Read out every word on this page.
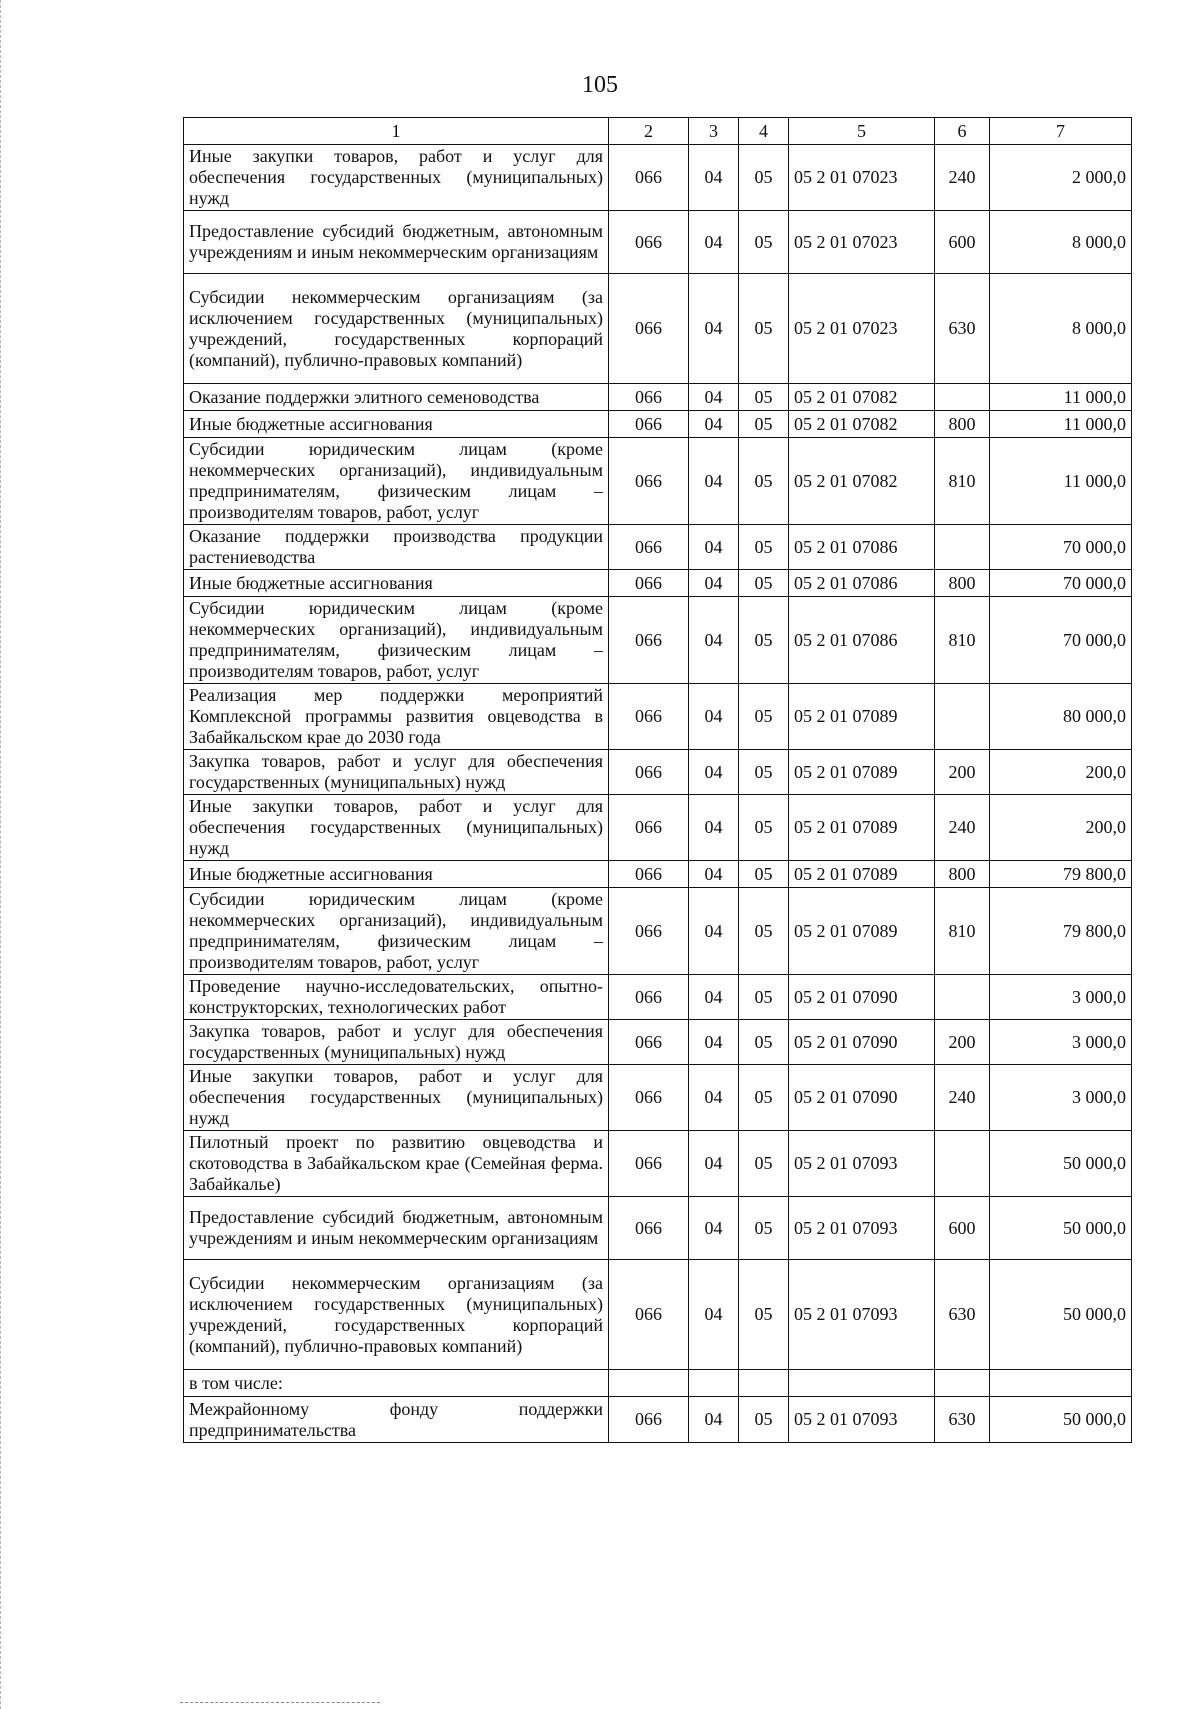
105
1	2	3	4	5	6	7
Иные закупки товаров, работ и услуг для обеспечения государственных (муниципальных) нужд	066	04	05	05 2 01 07023	240	2 000,0
Предоставление субсидий бюджетным, автономным учреждениям и иным некоммерческим организациям	066	04	05	05 2 01 07023	600	8 000,0
Субсидии некоммерческим организациям (за исключением государственных (муниципальных) учреждений, государственных корпораций (компаний), публично-правовых компаний)	066	04	05	05 2 01 07023	630	8 000,0
Оказание поддержки элитного семеноводства	066	04	05	05 2 01 07082		11 000,0
Иные бюджетные ассигнования	066	04	05	05 2 01 07082	800	11 000,0
Субсидии юридическим лицам (кроме некоммерческих организаций), индивидуальным предпринимателям, физическим лицам – производителям товаров, работ, услуг	066	04	05	05 2 01 07082	810	11 000,0
Оказание поддержки производства продукции растениеводства	066	04	05	05 2 01 07086		70 000,0
Иные бюджетные ассигнования	066	04	05	05 2 01 07086	800	70 000,0
Субсидии юридическим лицам (кроме некоммерческих организаций), индивидуальным предпринимателям, физическим лицам – производителям товаров, работ, услуг	066	04	05	05 2 01 07086	810	70 000,0
Реализация мер поддержки мероприятий Комплексной программы развития овцеводства в Забайкальском крае до 2030 года	066	04	05	05 2 01 07089		80 000,0
Закупка товаров, работ и услуг для обеспечения государственных (муниципальных) нужд	066	04	05	05 2 01 07089	200	200,0
Иные закупки товаров, работ и услуг для обеспечения государственных (муниципальных) нужд	066	04	05	05 2 01 07089	240	200,0
Иные бюджетные ассигнования	066	04	05	05 2 01 07089	800	79 800,0
Субсидии юридическим лицам (кроме некоммерческих организаций), индивидуальным предпринимателям, физическим лицам – производителям товаров, работ, услуг	066	04	05	05 2 01 07089	810	79 800,0
Проведение научно-исследовательских, опытно-конструкторских, технологических работ	066	04	05	05 2 01 07090		3 000,0
Закупка товаров, работ и услуг для обеспечения государственных (муниципальных) нужд	066	04	05	05 2 01 07090	200	3 000,0
Иные закупки товаров, работ и услуг для обеспечения государственных (муниципальных) нужд	066	04	05	05 2 01 07090	240	3 000,0
Пилотный проект по развитию овцеводства и скотоводства в Забайкальском крае (Семейная ферма. Забайкалье)	066	04	05	05 2 01 07093		50 000,0
Предоставление субсидий бюджетным, автономным учреждениям и иным некоммерческим организациям	066	04	05	05 2 01 07093	600	50 000,0
Субсидии некоммерческим организациям (за исключением государственных (муниципальных) учреждений, государственных корпораций (компаний), публично-правовых компаний)	066	04	05	05 2 01 07093	630	50 000,0
в том числе:						
Межрайонному фонду поддержки предпринимательства	066	04	05	05 2 01 07093	630	50 000,0
